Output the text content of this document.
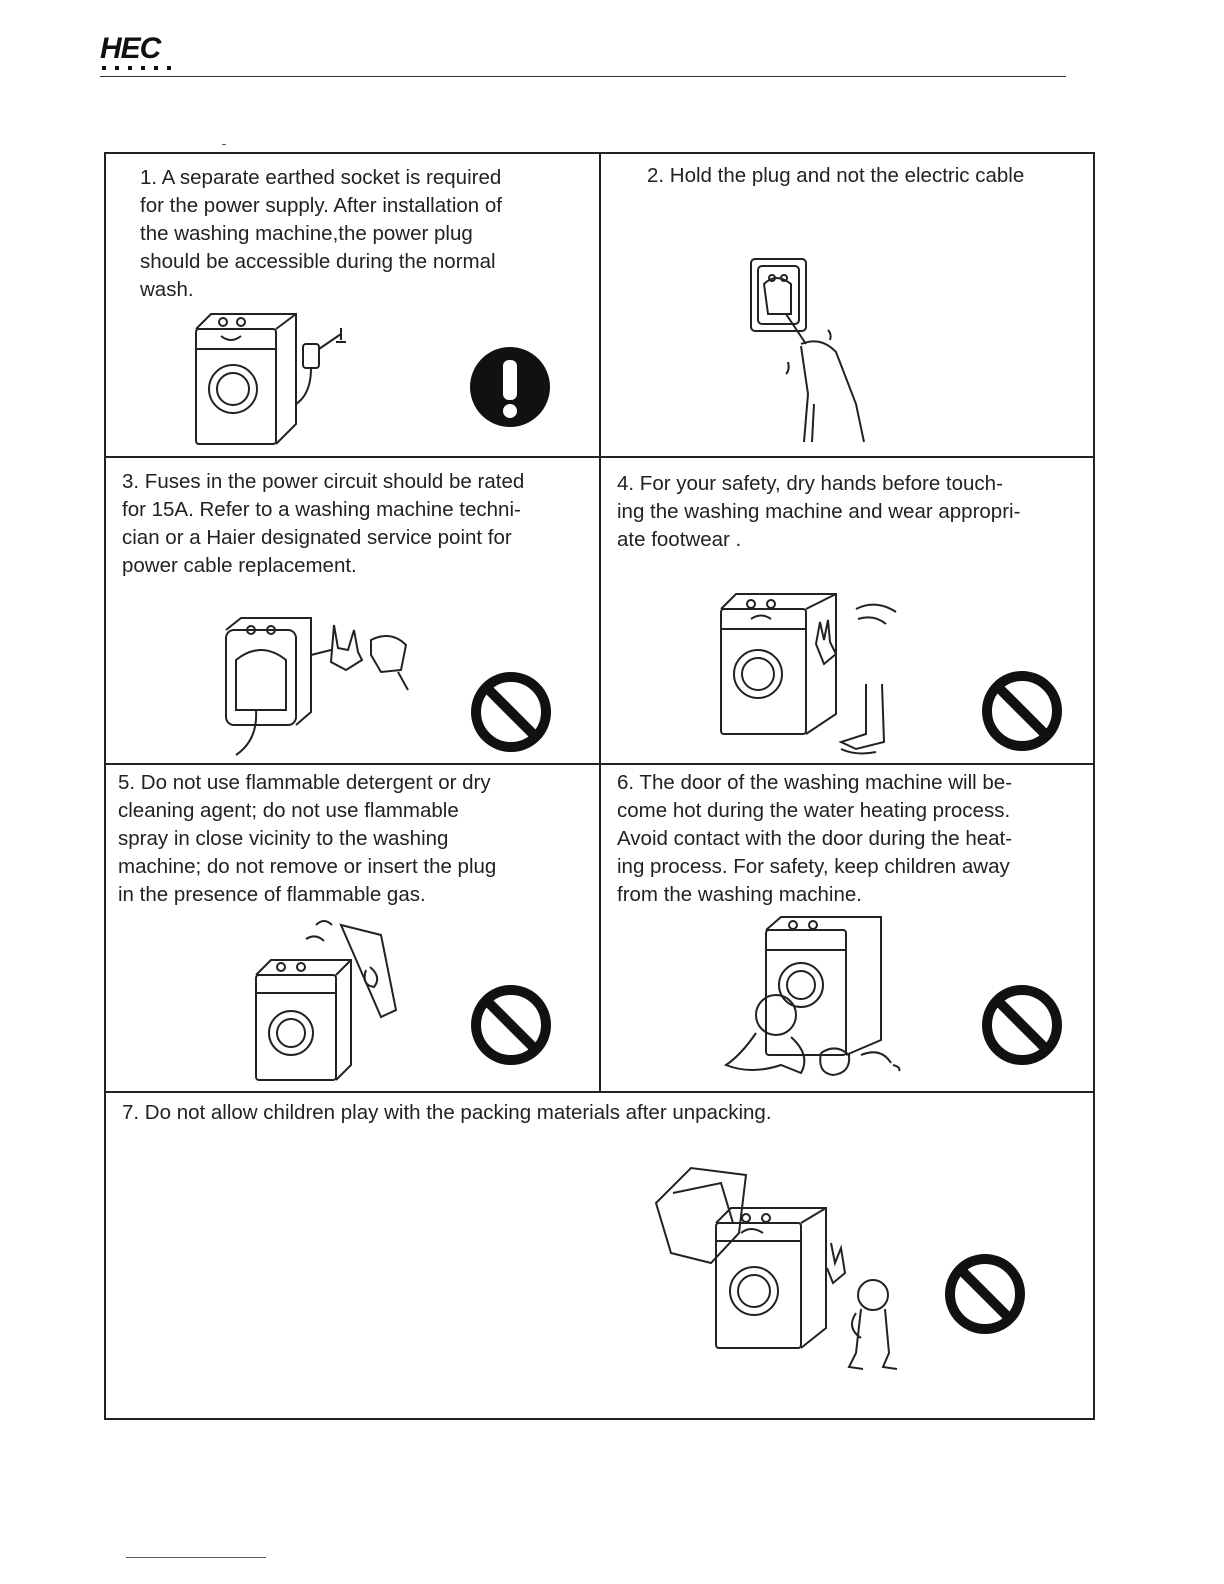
HEC

1. A separate earthed socket is required
for the power supply. After installation of
the washing machine,the power plug
should be accessible during the normal
wash.

2. Hold the plug and not the electric cable

3. Fuses in the power circuit should be rated
for 15A. Refer to a washing machine techni-
cian or a Haier designated service point for
power cable replacement.

4. For your safety, dry hands before touch-
ing the washing machine and wear appropri-
ate footwear .

5. Do not use flammable detergent or dry
cleaning agent; do not use flammable
spray in close vicinity to the washing
machine; do not remove or insert the plug
in the presence of flammable gas.

6. The door of the washing machine will be-
come hot during the water heating process.
Avoid contact with the door during the heat-
ing process. For safety, keep children away
from the washing machine.

7. Do not allow children play with the packing materials after unpacking.
